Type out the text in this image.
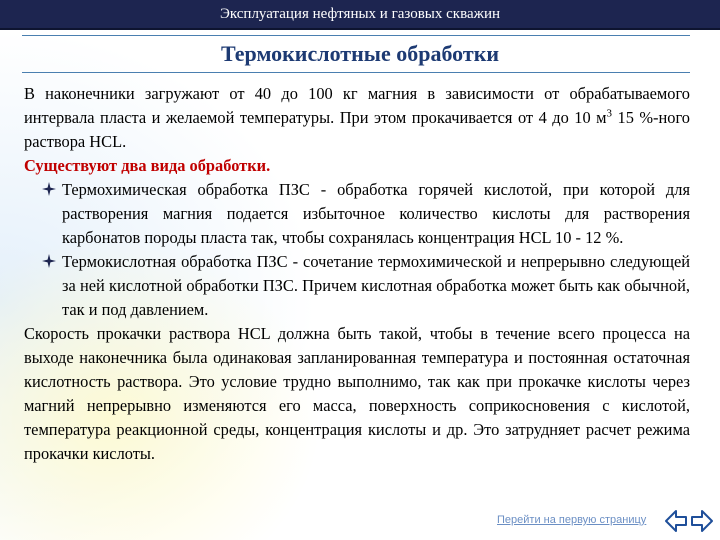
Эксплуатация нефтяных и газовых скважин
Термокислотные обработки

В наконечники загружают от 40 до 100 кг магния в зависимости от обрабатываемого интервала пласта и желаемой температуры. При этом прокачивается от 4 до 10 $м^3$ 15 %-ного раствора HCL.

Существуют два вида обработки.

Термохимическая обработка ПЗС - обработка горячей кислотой, при которой для растворения магния подается избыточное количество кислоты для растворения карбонатов породы пласта так, чтобы сохранялась концентрация HCL 10 - 12 %.

Термокислотная обработка ПЗС - сочетание термохимической и непрерывно следующей за ней кислотной обработки ПЗС. Причем кислотная обработка может быть как обычной, так и под давлением.

Скорость прокачки раствора HCL должна быть такой, чтобы в течение всего процесса на выходе наконечника была одинаковая запланированная температура и постоянная остаточная кислотность раствора. Это условие трудно выполнимо, так как при прокачке кислоты через магний непрерывно изменяются его масса, поверхность соприкосновения с кислотой, температура реакционной среды, концентрация кислоты и др. Это затрудняет расчет режима прокачки кислоты.

Перейти на первую страницу
